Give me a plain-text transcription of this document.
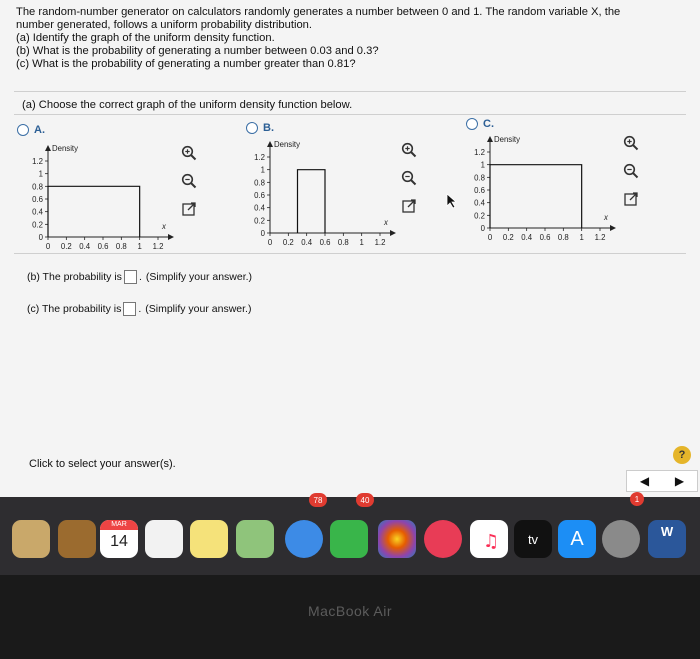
The random-number generator on calculators randomly generates a number between 0 and 1. The random variable X, the
number generated, follows a uniform probability distribution.
(a) Identify the graph of the uniform density function.
(b) What is the probability of generating a number between 0.03 and 0.3?
(c) What is the probability of generating a number greater than 0.81?
(a) Choose the correct graph of the uniform density function below.
A.
Density
x
1.2
1
0.8
0.6
0.4
0.2
0
0 0.2 0.4 0.6 0.8 1 1.2
B.
Density
x
1.2
1
0.8
0.6
0.4
0.2
0
0 0.2 0.4 0.6 0.8 1 1.2
C.
Density
x
1.2
1
0.8
0.6
0.4
0.2
0
0 0.2 0.4 0.6 0.8 1 1.2
(b) The probability is . (Simplify your answer.)
(c) The probability is . (Simplify your answer.)
Click to select your answer(s).
?
◀ ▶
MAR
14
78	40
♫ tv	A
1
W
MacBook Air
